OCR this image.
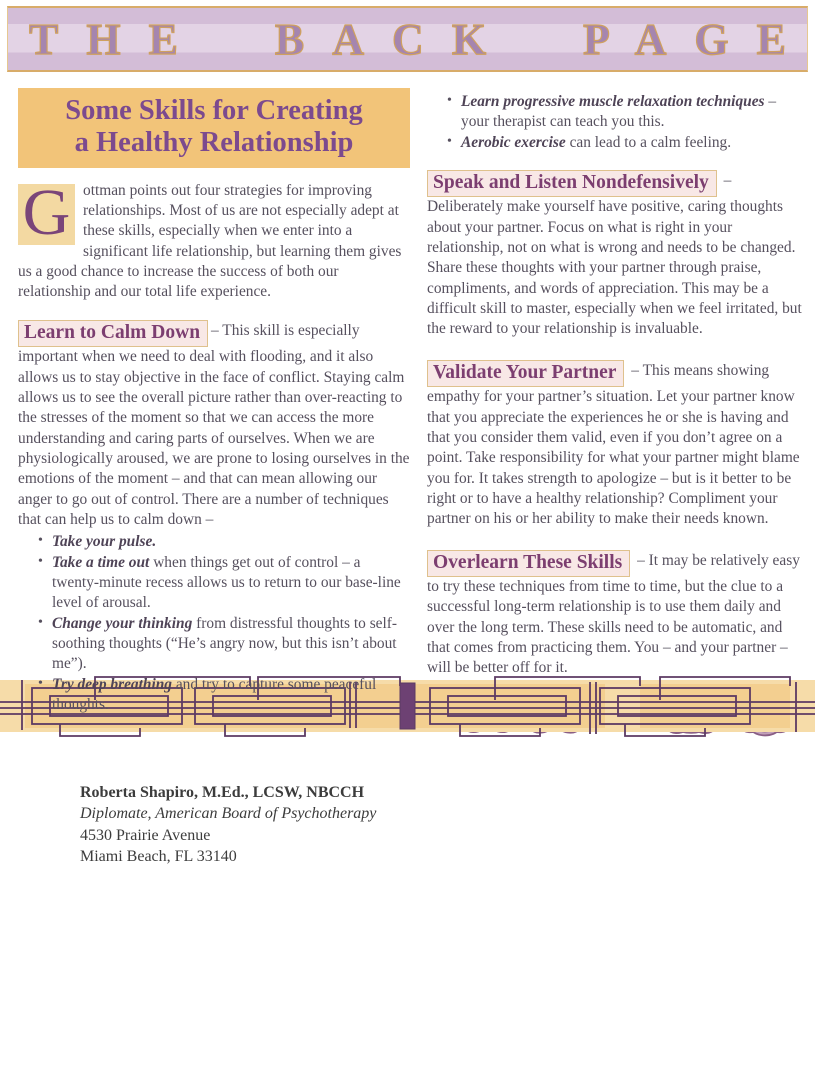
THE BACK PAGE
Some Skills for Creating
a Healthy Relationship

G ottman points out four strategies for improving relationships. Most of us are not especially adept at these skills, especially when we enter into a significant life relationship, but learning them gives us a good chance to increase the success of both our relationship and our total life experience.

Learn to Calm Down – This skill is especially important when we need to deal with flooding, and it also allows us to stay objective in the face of conflict. Staying calm allows us to see the overall picture rather than over-reacting to the stresses of the moment so that we can access the more understanding and caring parts of ourselves. When we are physiologically aroused, we are prone to losing ourselves in the emotions of the moment – and that can mean allowing our anger to go out of control. There are a number of techniques that can help us to calm down –
• Take your pulse.
• Take a time out when things get out of control – a twenty-minute recess allows us to return to our base-line level of arousal.
• Change your thinking from distressful thoughts to self-soothing thoughts (“He’s angry now, but this isn’t about me”).
• Try deep breathing and try to capture some peaceful thoughts.
• Learn progressive muscle relaxation techniques – your therapist can teach you this.
• Aerobic exercise can lead to a calm feeling.
Speak and Listen Nondefensively – Deliberately make yourself have positive, caring thoughts about your partner. Focus on what is right in your relationship, not on what is wrong and needs to be changed. Share these thoughts with your partner through praise, compliments, and words of appreciation. This may be a difficult skill to master, especially when we feel irritated, but the reward to your relationship is invaluable.
Validate Your Partner – This means showing empathy for your partner’s situation. Let your partner know that you appreciate the experiences he or she is having and that you consider them valid, even if you don’t agree on a point. Take responsibility for what your partner might blame you for. It takes strength to apologize – but is it better to be right or to have a healthy relationship? Compliment your partner on his or her ability to make their needs known.
Overlearn These Skills – It may be relatively easy to try these techniques from time to time, but the clue to a successful long-term relationship is to use them daily and over the long term. These skills need to be automatic, and that comes from practicing them. You – and your partner – will be better off for it.
Roberta Shapiro, M.Ed., LCSW, NBCCH
Diplomate, American Board of Psychotherapy
4530 Prairie Avenue
Miami Beach, FL 33140
